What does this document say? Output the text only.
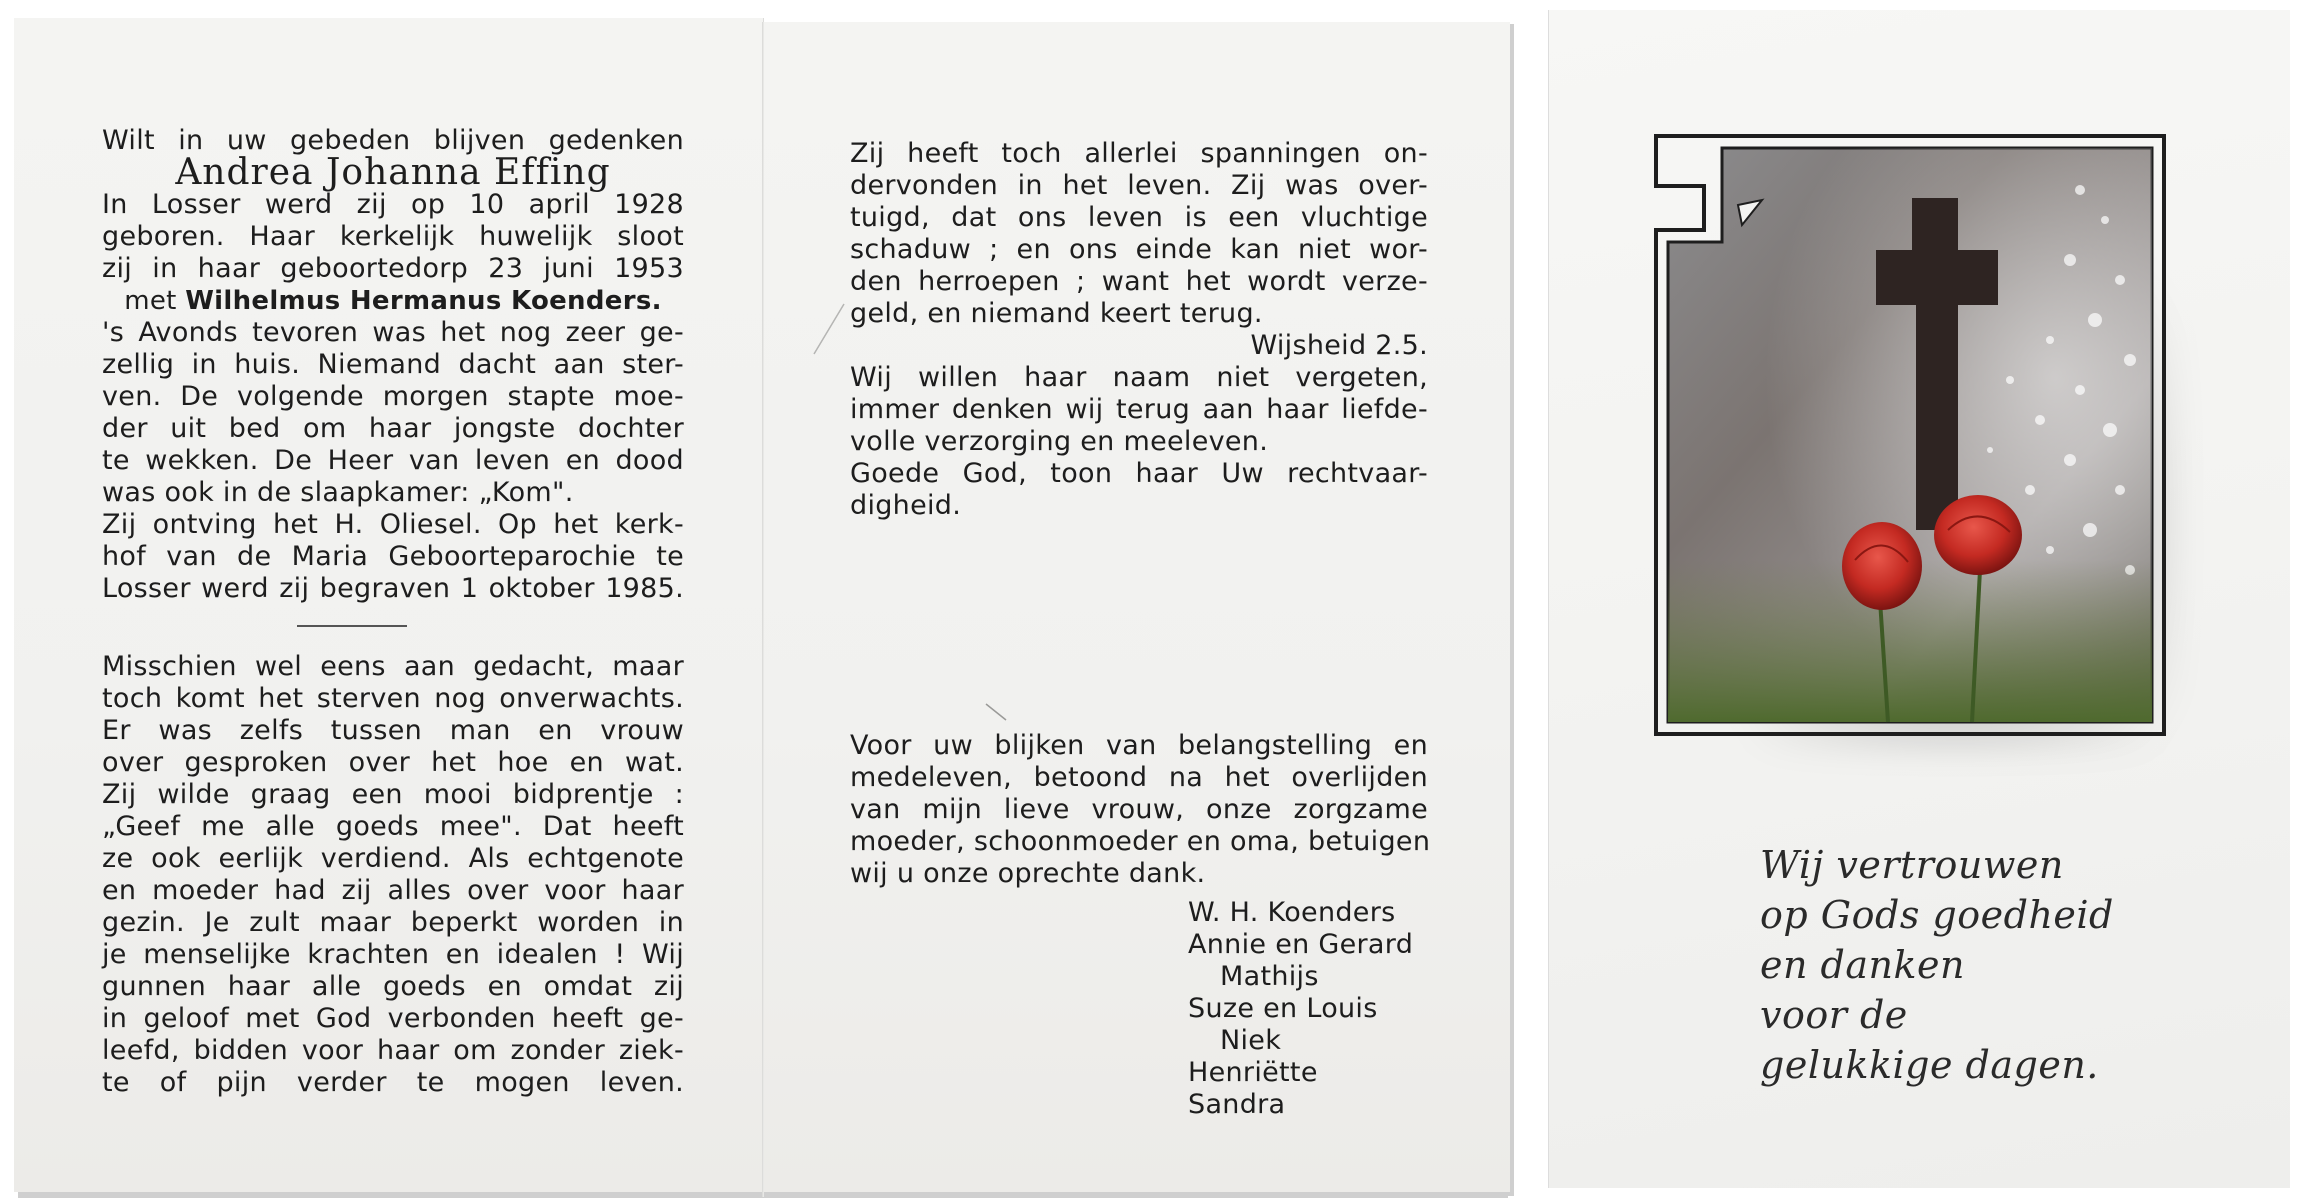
Wilt in uw gebeden blijven gedenken

Andrea Johanna Effing

In Losser werd zij op 10 april 1928

geboren. Haar kerkelijk huwelijk sloot

zij in haar geboortedorp 23 juni 1953

met Wilhelmus Hermanus Koenders.

's Avonds tevoren was het nog zeer ge-

zellig in huis. Niemand dacht aan ster-

ven. De volgende morgen stapte moe-

der uit bed om haar jongste dochter

te wekken. De Heer van leven en dood

was ook in de slaapkamer: „Kom".

Zij ontving het H. Oliesel. Op het kerk-

hof van de Maria Geboorteparochie te

Losser werd zij begraven 1 oktober 1985.

Misschien wel eens aan gedacht, maar

toch komt het sterven nog onverwachts.

Er was zelfs tussen man en vrouw

over gesproken over het hoe en wat.

Zij wilde graag een mooi bidprentje :

„Geef me alle goeds mee". Dat heeft

ze ook eerlijk verdiend. Als echtgenote

en moeder had zij alles over voor haar

gezin. Je zult maar beperkt worden in

je menselijke krachten en idealen ! Wij

gunnen haar alle goeds en omdat zij

in geloof met God verbonden heeft ge-

leefd, bidden voor haar om zonder ziek-

te of pijn verder te mogen leven.

Zij heeft toch allerlei spanningen on-

dervonden in het leven. Zij was over-

tuigd, dat ons leven is een vluchtige

schaduw ; en ons einde kan niet wor-

den herroepen ; want het wordt verze-

geld, en niemand keert terug.

Wijsheid 2.5.

Wij willen haar naam niet vergeten,

immer denken wij terug aan haar liefde-

volle verzorging en meeleven.

Goede God, toon haar Uw rechtvaar-

digheid.

Voor uw blijken van belangstelling en

medeleven, betoond na het overlijden

van mijn lieve vrouw, onze zorgzame

moeder, schoonmoeder en oma, betuigen

wij u onze oprechte dank.

W. H. Koenders

Annie en Gerard

Mathijs

Suze en Louis

Niek

Henriëtte

Sandra

Wij vertrouwen
op Gods goedheid
en danken
voor de
gelukkige dagen.
